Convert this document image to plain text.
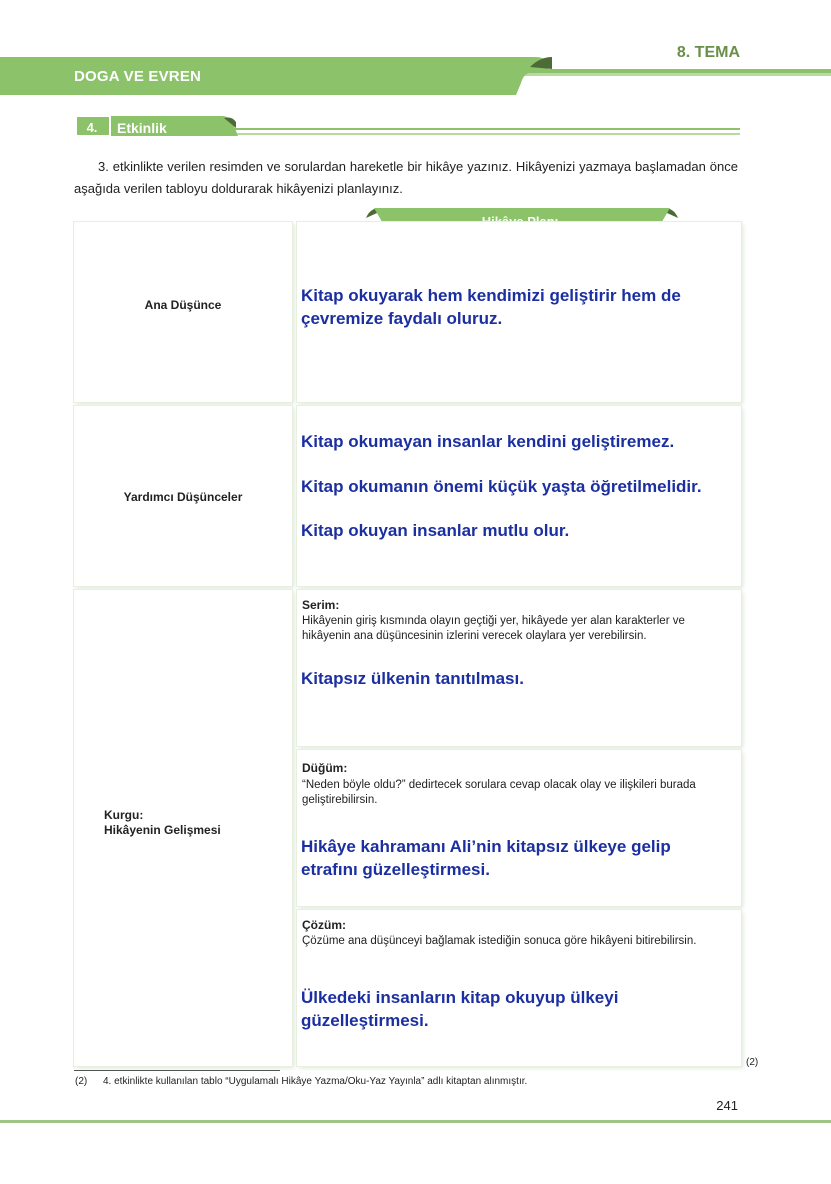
8. TEMA
DOGA VE EVREN
4.	Etkinlik
3. etkinlikte verilen resimden ve sorulardan hareketle bir hikâye yazınız. Hikâyenizi yazmaya başlamadan önce aşağıda verilen tabloyu doldurarak hikâyenizi planlayınız.
Ana Düşünce	Kitap okuyarak hem kendimizi geliştirir hem de çevremize faydalı oluruz.
Yardımcı Düşünceler
Kitap okumayan insanlar kendini geliştiremez.
Kitap okumanın önemi küçük yaşta öğretilmelidir.
Kitap okuyan insanlar mutlu olur.
Kurgu:
Hikâyenin Gelişmesi
Serim:
Hikâyenin giriş kısmında olayın geçtiği yer, hikâyede yer alan karakterler ve hikâyenin ana düşüncesinin izlerini verecek olaylara yer verebilirsin.
Kitapsız ülkenin tanıtılması.
Düğüm:
“Neden böyle oldu?” dedirtecek sorulara cevap olacak olay ve ilişkileri burada geliştirebilirsin.
Hikâye kahramanı Ali’nin kitapsız ülkeye gelip etrafını güzelleştirmesi.
Çözüm:
Çözüme ana düşünceyi bağlamak istediğin sonuca göre hikâyeni bitirebilirsin.
Ülkedeki insanların kitap okuyup ülkeyi güzelleştirmesi.
(2)
(2) 4. etkinlikte kullanılan tablo “Uygulamalı Hikâye Yazma/Oku-Yaz Yayınla” adlı kitaptan alınmıştır.
241
